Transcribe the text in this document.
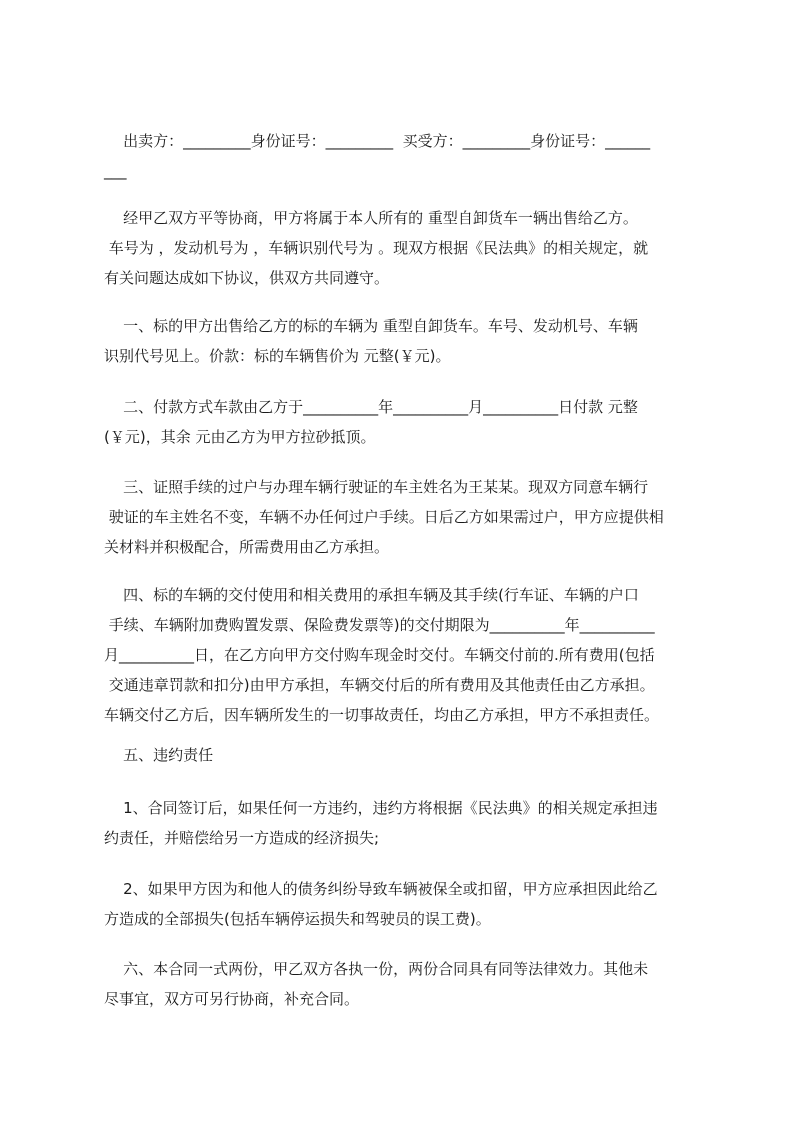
出卖方：_________身份证号：_________  买受方：_________身份证号：______
___
经甲乙双方平等协商，甲方将属于本人所有的 重型自卸货车一辆出售给乙方。
车号为 ，发动机号为 ，车辆识别代号为 。现双方根据《民法典》的相关规定，就
有关问题达成如下协议，供双方共同遵守。
一、标的甲方出售给乙方的标的车辆为 重型自卸货车。车号、发动机号、车辆
识别代号见上。价款：标的车辆售价为 元整(￥元)。
二、付款方式车款由乙方于__________年__________月__________日付款 元整
(￥元)，其余 元由乙方为甲方拉砂抵顶。
三、证照手续的过户与办理车辆行驶证的车主姓名为王某某。现双方同意车辆行
驶证的车主姓名不变，车辆不办任何过户手续。日后乙方如果需过户，甲方应提供相
关材料并积极配合，所需费用由乙方承担。
四、标的车辆的交付使用和相关费用的承担车辆及其手续(行车证、车辆的户口
手续、车辆附加费购置发票、保险费发票等)的交付期限为__________年__________
月__________日，在乙方向甲方交付购车现金时交付。车辆交付前的.所有费用(包括
交通违章罚款和扣分)由甲方承担，车辆交付后的所有费用及其他责任由乙方承担。
车辆交付乙方后，因车辆所发生的一切事故责任，均由乙方承担，甲方不承担责任。
五、违约责任
1、合同签订后，如果任何一方违约，违约方将根据《民法典》的相关规定承担违
约责任，并赔偿给另一方造成的经济损失;
2、如果甲方因为和他人的债务纠纷导致车辆被保全或扣留，甲方应承担因此给乙
方造成的全部损失(包括车辆停运损失和驾驶员的误工费)。
六、本合同一式两份，甲乙双方各执一份，两份合同具有同等法律效力。其他未
尽事宜，双方可另行协商，补充合同。
